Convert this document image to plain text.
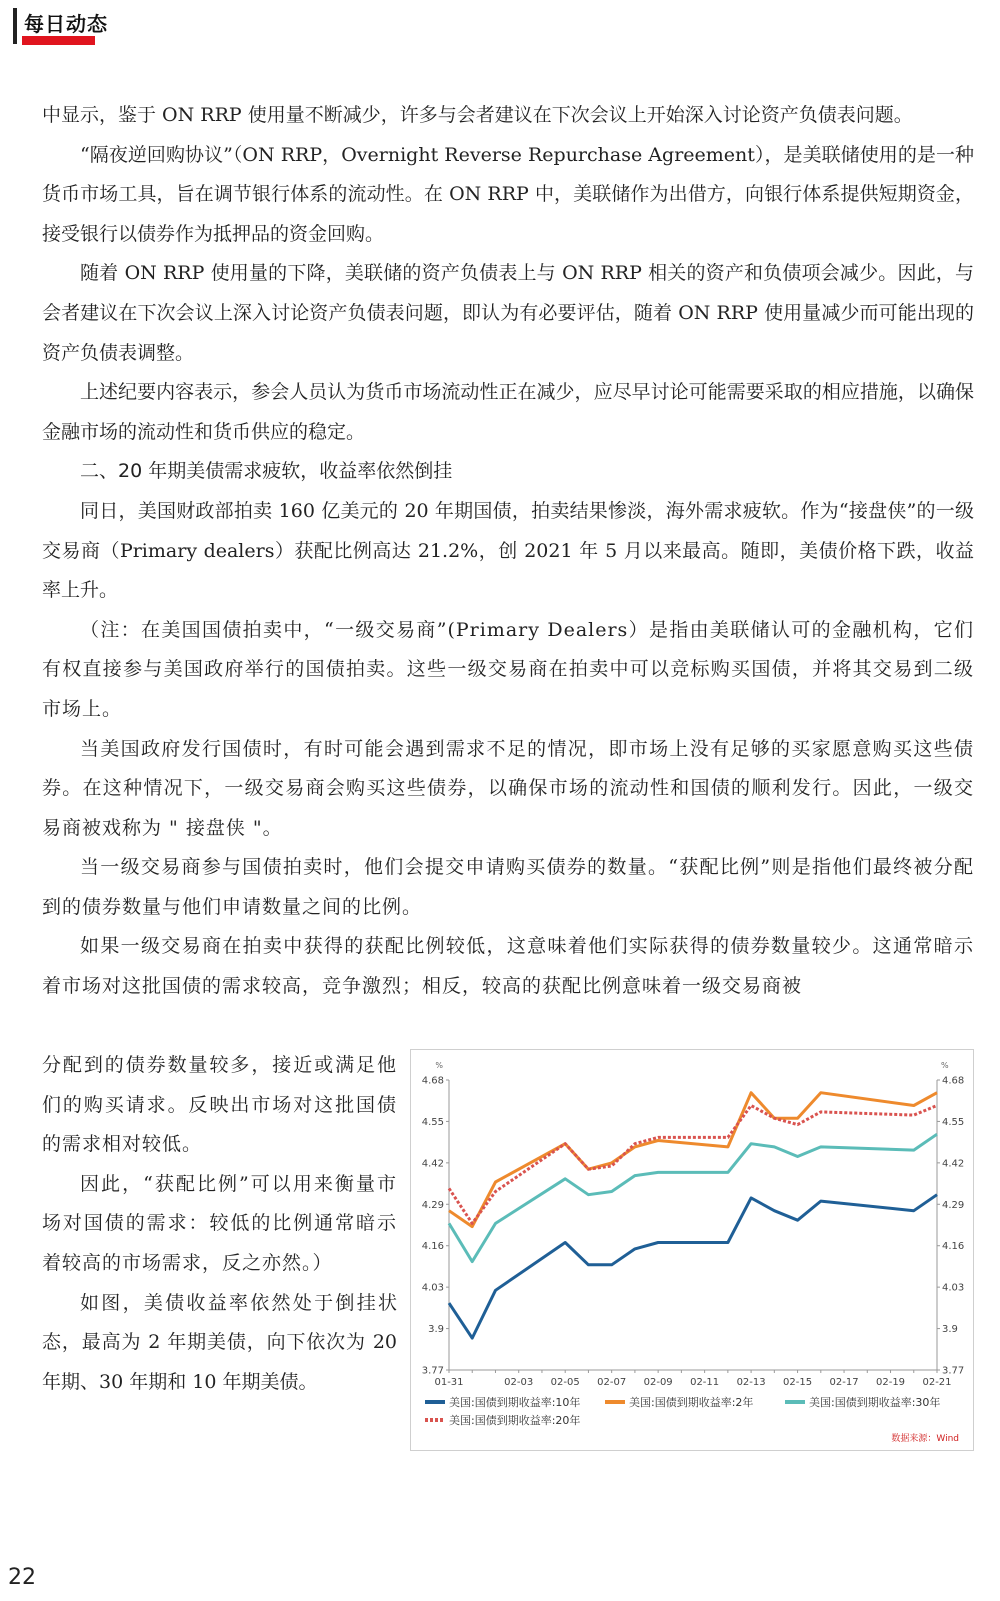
每日动态

中显示，鉴于 ON RRP 使用量不断减少，许多与会者建议在下次会议上开始深入讨论资产负债表问题。

“隔夜逆回购协议”（ON RRP，Overnight Reverse Repurchase Agreement），是美联储使用的是一种货币市场工具，旨在调节银行体系的流动性。在 ON RRP 中，美联储作为出借方，向银行体系提供短期资金，接受银行以债券作为抵押品的资金回购。

随着 ON RRP 使用量的下降，美联储的资产负债表上与 ON RRP 相关的资产和负债项会减少。因此，与会者建议在下次会议上深入讨论资产负债表问题，即认为有必要评估，随着 ON RRP 使用量减少而可能出现的资产负债表调整。

上述纪要内容表示，参会人员认为货币市场流动性正在减少，应尽早讨论可能需要采取的相应措施，以确保金融市场的流动性和货币供应的稳定。

二、20 年期美债需求疲软，收益率依然倒挂

同日，美国财政部拍卖 160 亿美元的 20 年期国债，拍卖结果惨淡，海外需求疲软。作为“接盘侠”的一级交易商（Primary dealers）获配比例高达 21.2%，创 2021 年 5 月以来最高。随即，美债价格下跌，收益率上升。

（注：在美国国债拍卖中，“一级交易商”(Primary Dealers）是指由美联储认可的金融机构，它们有权直接参与美国政府举行的国债拍卖。这些一级交易商在拍卖中可以竞标购买国债，并将其交易到二级市场上。

当美国政府发行国债时，有时可能会遇到需求不足的情况，即市场上没有足够的买家愿意购买这些债券。在这种情况下，一级交易商会购买这些债券，以确保市场的流动性和国债的顺利发行。因此，一级交易商被戏称为 " 接盘侠 "。

当一级交易商参与国债拍卖时，他们会提交申请购买债券的数量。“获配比例”则是指他们最终被分配到的债券数量与他们申请数量之间的比例。

如果一级交易商在拍卖中获得的获配比例较低，这意味着他们实际获得的债券数量较少。这通常暗示着市场对这批国债的需求较高，竞争激烈；相反，较高的获配比例意味着一级交易商被

分配到的债券数量较多，接近或满足他们的购买请求。反映出市场对这批国债的需求相对较低。

因此，“获配比例”可以用来衡量市场对国债的需求：较低的比例通常暗示着较高的市场需求，反之亦然。）

如图，美债收益率依然处于倒挂状态，最高为 2 年期美债，向下依次为 20 年期、30 年期和 10 年期美债。

%	%
3.77	3.77
3.9	3.9
4.03	4.03
4.16	4.16
4.29	4.29
4.42	4.42
4.55	4.55
4.68	4.68
01-31	02-03 02-05 02-07 02-09 02-11 02-13 02-15 02-17 02-19 02-21
美国:国债到期收益率:10年	美国:国债到期收益率:2年	美国:国债到期收益率:30年
美国:国债到期收益率:20年
数据来源：Wind
22
